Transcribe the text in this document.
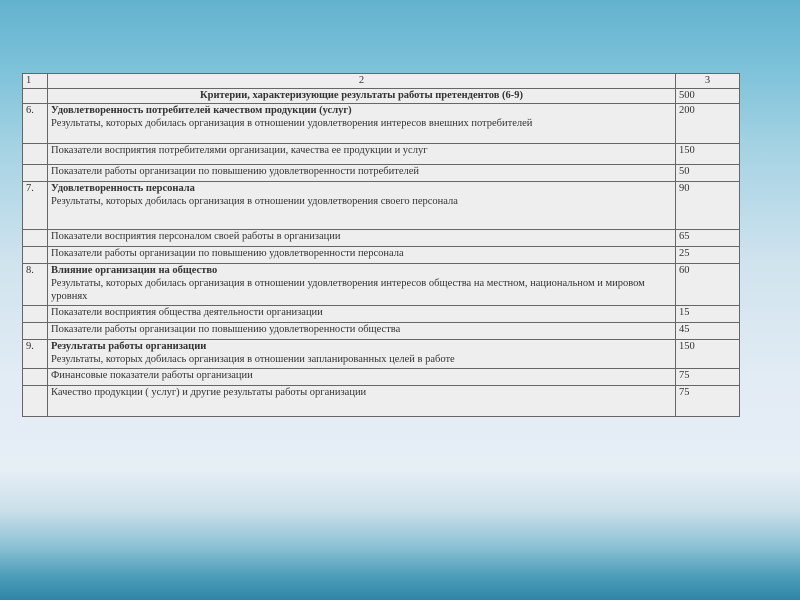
1	2	3
	Критерии, характеризующие результаты работы претендентов (6-9)	500
6.	Удовлетворенность потребителей качеством продукции (услуг)
Результаты, которых добилась организация в отношении удовлетворения интересов внешних потребителей	200
	Показатели восприятия потребителями организации, качества ее продукции и услуг	150
	Показатели работы организации по повышению удовлетворенности потребителей	50
7.	Удовлетворенность персонала
Результаты, которых добилась организация в отношении удовлетворения своего персонала	90
	Показатели восприятия персоналом своей работы в организации	65
	Показатели работы организации по повышению удовлетворенности персонала	25
8.	Влияние организации на общество
Результаты, которых добилась организация в отношении удовлетворения интересов общества на местном, национальном и мировом уровнях	60
	Показатели восприятия общества деятельности организации	15
	Показатели работы организации по повышению удовлетворенности общества	45
9.	Результаты работы организации
Результаты, которых добилась организация в отношении запланированных целей в работе	150
	Финансовые показатели работы организации	75
	Качество продукции ( услуг) и другие результаты работы организации	75
